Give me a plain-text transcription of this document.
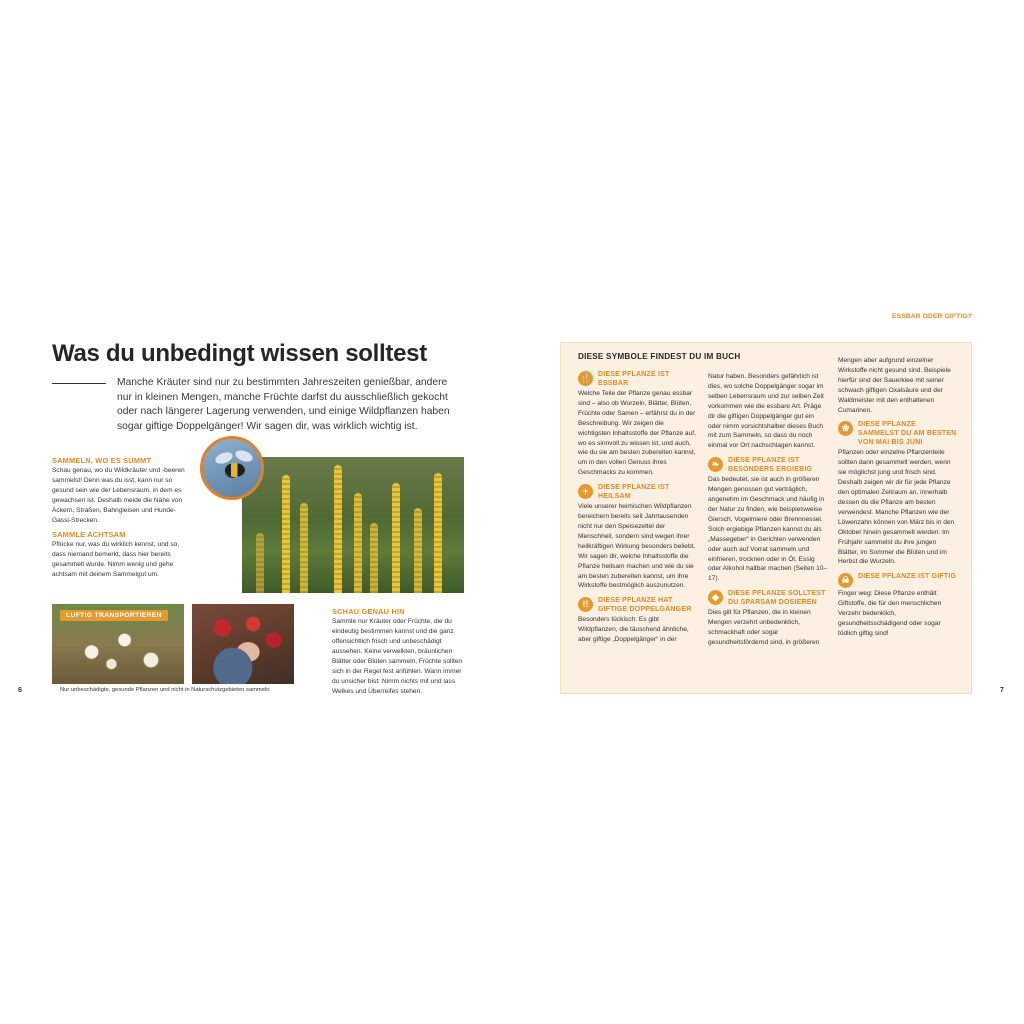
Was du unbedingt wissen solltest

Manche Kräuter sind nur zu bestimmten Jahreszeiten genießbar, andere nur in kleinen Mengen, manche Früchte darfst du ausschließlich gekocht oder nach längerer Lagerung verwenden, und einige Wildpflanzen haben sogar giftige Doppelgänger! Wir sagen dir, was wirklich wichtig ist.

SAMMELN, WO ES SUMMT

Schau genau, wo du Wildkräuter und -beeren sammelst! Denn was du isst, kann nur so gesund sein wie der Lebensraum, in dem es gewachsen ist. Deshalb meide die Nähe von Äckern, Straßen, Bahngleisen und Hunde-Gassi-Strecken.

SAMMLE ACHTSAM

Pflücke nur, was du wirklich kennst, und so, dass niemand bemerkt, dass hier bereits gesammelt wurde. Nimm wenig und gehe achtsam mit deinem Sammelgut um.

LUFTIG TRANSPORTIEREN	SCHAU GENAU HIN

Sammle nur Kräuter oder Früchte, die du eindeutig bestimmen kannst und die ganz offensichtlich frisch und unbeschädigt aussehen. Keine verwelkten, bräunlichen Blätter oder Blüten sammeln, Früchte sollten sich in der Regel fest anfühlen. Wann immer du unsicher bist: Nimm nichts mit und lass Welkes und Überreifes stehen.

6	Nur unbeschädigte, gesunde Pflanzen und nicht in Naturschutzgebieten sammeln
ESSBAR ODER GIFTIG?
DIESE SYMBOLE FINDEST DU IM BUCH
🍴 DIESE PFLANZE IST ESSBAR

Welche Teile der Pflanze genau essbar sind – also ob Wurzeln, Blätter, Blüten, Früchte oder Samen – erfährst du in der Beschreibung. Wir zeigen die wichtigsten Inhaltsstoffe der Pflanze auf, wo es sinnvoll zu wissen ist, und auch, wie du sie am besten zubereiten kannst, um in den vollen Genuss ihres Geschmacks zu kommen.

+	DIESE PFLANZE IST HEILSAM

Viele unserer heimischen Wildpflanzen bereichern bereits seit Jahrtausenden nicht nur den Speisezettel der Menschheit, sondern sind wegen ihrer heilkräftigen Wirkung besonders beliebt. Wir sagen dir, welche Inhaltsstoffe die Pflanze heilsam machen und wie du sie am besten zubereiten kannst, um ihre Wirkstoffe bestmöglich auszunutzen.

!!	DIESE PFLANZE HAT GIFTIGE DOPPELGÄNGER

Besonders tückisch: Es gibt Wildpflanzen, die täuschend ähnliche, aber giftige „Doppelgänger“ in der

Natur haben. Besonders gefährlich ist dies, wo solche Doppelgänger sogar im selben Lebensraum und zur selben Zeit vorkommen wie die essbare Art. Präge dir die giftigen Doppelgänger gut ein oder nimm vorsichtshalber dieses Buch mit zum Sammeln, so dass du noch einmal vor Ort nachschlagen kannst.

❧	DIESE PFLANZE IST BESONDERS ERGIEBIG

Das bedeutet, sie ist auch in größeren Mengen genossen gut verträglich, angenehm im Geschmack und häufig in der Natur zu finden, wie beispielsweise Giersch, Vogelmiere oder Brennnessel. Solch ergiebige Pflanzen kannst du als „Massegeber“ in Gerichten verwenden oder auch auf Vorrat sammeln und einfrieren, trocknen oder in Öl, Essig oder Alkohol haltbar machen (Seiten 10–17).

◆	DIESE PFLANZE SOLLTEST DU SPARSAM DOSIEREN

Dies gilt für Pflanzen, die in kleinen Mengen verzehrt unbedenklich, schmackhaft oder sogar gesundheitsfördernd sind, in größeren

Mengen aber aufgrund einzelner Wirkstoffe nicht gesund sind. Beispiele hierfür sind der Sauerklee mit seiner schwach giftigen Oxalsäure und der Waldmeister mit den enthaltenen Cumarinen.

❀	DIESE PFLANZE SAMMELST DU AM BESTEN VON MAI BIS JUNI

Pflanzen oder einzelne Pflanzenteile sollten dann gesammelt werden, wenn sie möglichst jung und frisch sind. Deshalb zeigen wir dir für jede Pflanze den optimalen Zeitraum an, innerhalb dessen du die Pflanze am besten verwendest. Manche Pflanzen wie der Löwenzahn können von März bis in den Oktober hinein gesammelt werden: Im Frühjahr sammelst du ihre jungen Blätter, im Sommer die Blüten und im Herbst die Wurzeln.

☠	DIESE PFLANZE IST GIFTIG

Finger weg: Diese Pflanze enthält Giftstoffe, die für den menschlichen Verzehr bedenklich, gesundheitsschädigend oder sogar tödlich giftig sind!

7
